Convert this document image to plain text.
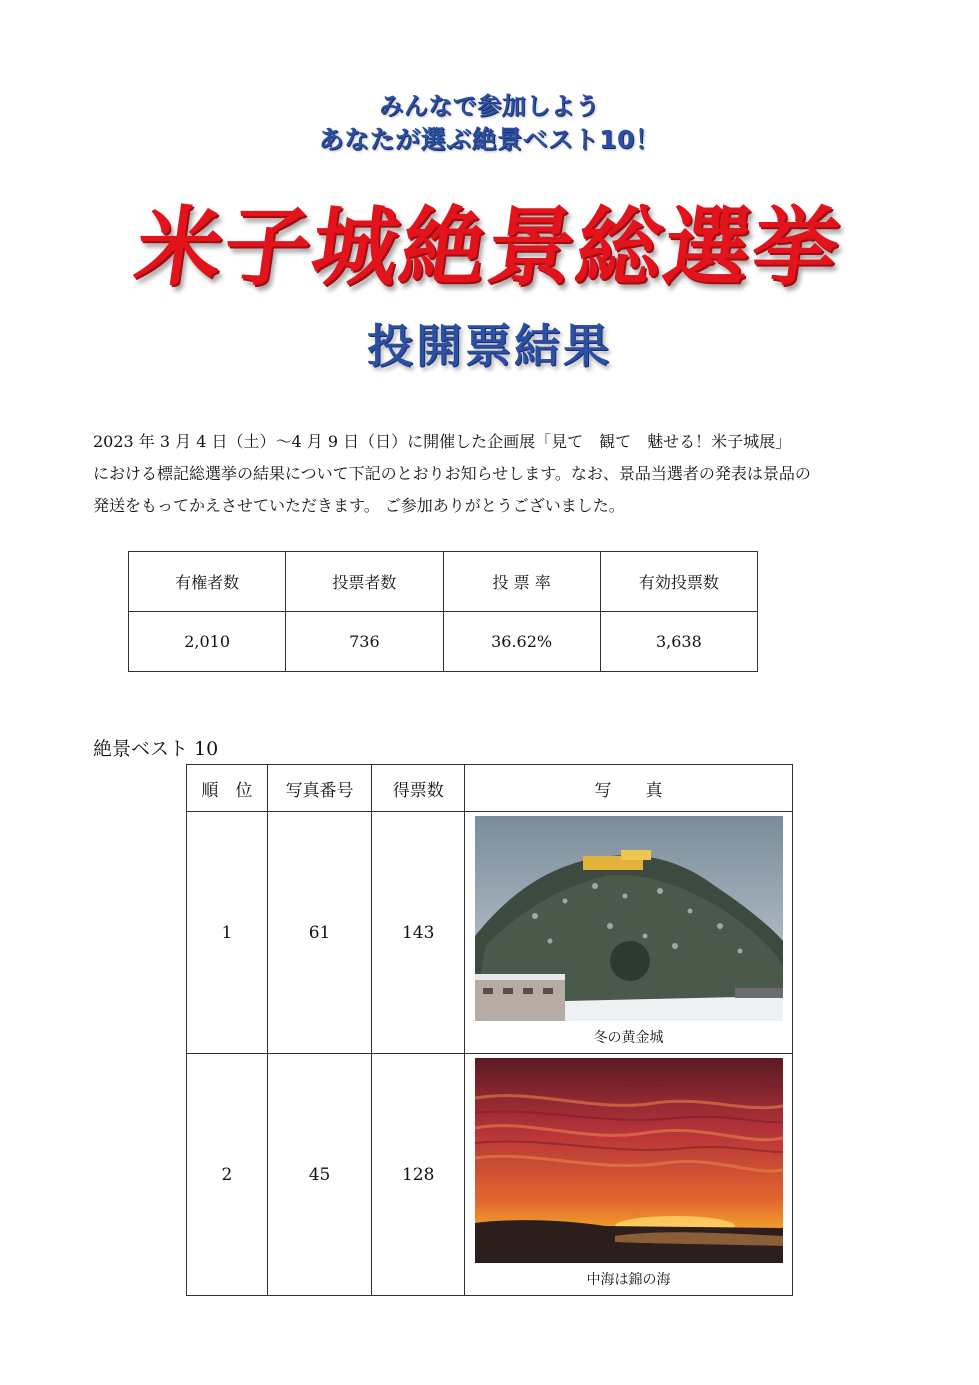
みんなで参加しよう
あなたが選ぶ絶景ベスト10！
米子城絶景総選挙
投開票結果
2023 年 3 月 4 日（土）～4 月 9 日（日）に開催した企画展「見て　観て　魅せる！米子城展」
における標記総選挙の結果について下記のとおりお知らせします。なお、景品当選者の発表は景品の
発送をもってかえさせていただきます。 ご参加ありがとうございました。
有権者数	投票者数	投 票 率	有効投票数
2,010	736	36.62%	3,638
絶景ベスト 10
順　位	写真番号	得票数	写　　真
1	61	143	冬の黄金城

2	45	128	中海は錦の海
